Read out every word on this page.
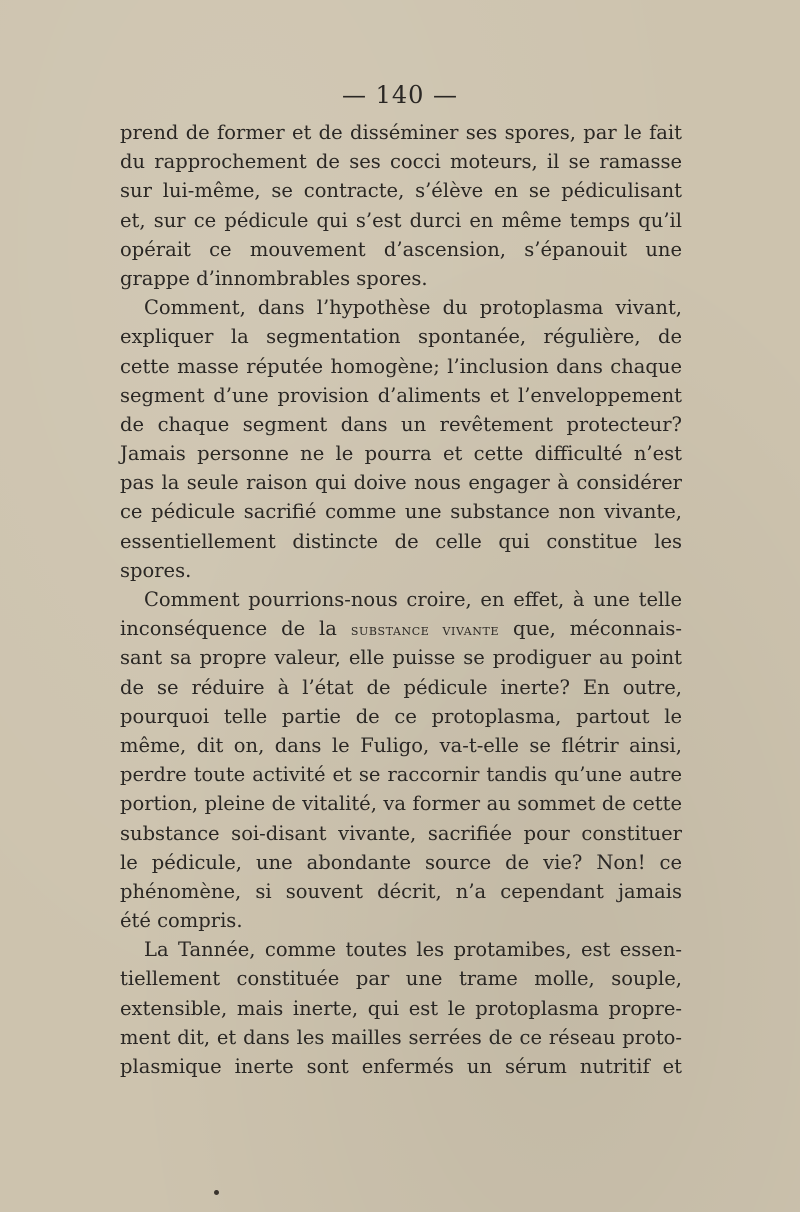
— 140 —
prend de former et de disséminer ses spores, par le fait
du rapprochement de ses cocci moteurs, il se ramasse
sur lui-même, se contracte, s’élève en se pédiculisant
et, sur ce pédicule qui s’est durci en même temps qu’il
opérait ce mouvement d’ascension, s’épanouit une
grappe d’innombrables spores.
Comment, dans l’hypothèse du protoplasma vivant,
expliquer la segmentation spontanée, régulière, de
cette masse réputée homogène; l’inclusion dans chaque
segment d’une provision d’aliments et l’enveloppement
de chaque segment dans un revêtement protecteur?
Jamais personne ne le pourra et cette difficulté n’est
pas la seule raison qui doive nous engager à considérer
ce pédicule sacrifié comme une substance non vivante,
essentiellement distincte de celle qui constitue les
spores.
Comment pourrions-nous croire, en effet, à une telle
inconséquence de la substance vivante que, méconnais-
sant sa propre valeur, elle puisse se prodiguer au point
de se réduire à l’état de pédicule inerte? En outre,
pourquoi telle partie de ce protoplasma, partout le
même, dit on, dans le Fuligo, va-t-elle se flétrir ainsi,
perdre toute activité et se raccornir tandis qu’une autre
portion, pleine de vitalité, va former au sommet de cette
substance soi-disant vivante, sacrifiée pour constituer
le pédicule, une abondante source de vie? Non! ce
phénomène, si souvent décrit, n’a cependant jamais
été compris.
La Tannée, comme toutes les protamibes, est essen-
tiellement constituée par une trame molle, souple,
extensible, mais inerte, qui est le protoplasma propre-
ment dit, et dans les mailles serrées de ce réseau proto-
plasmique inerte sont enfermés un sérum nutritif et
